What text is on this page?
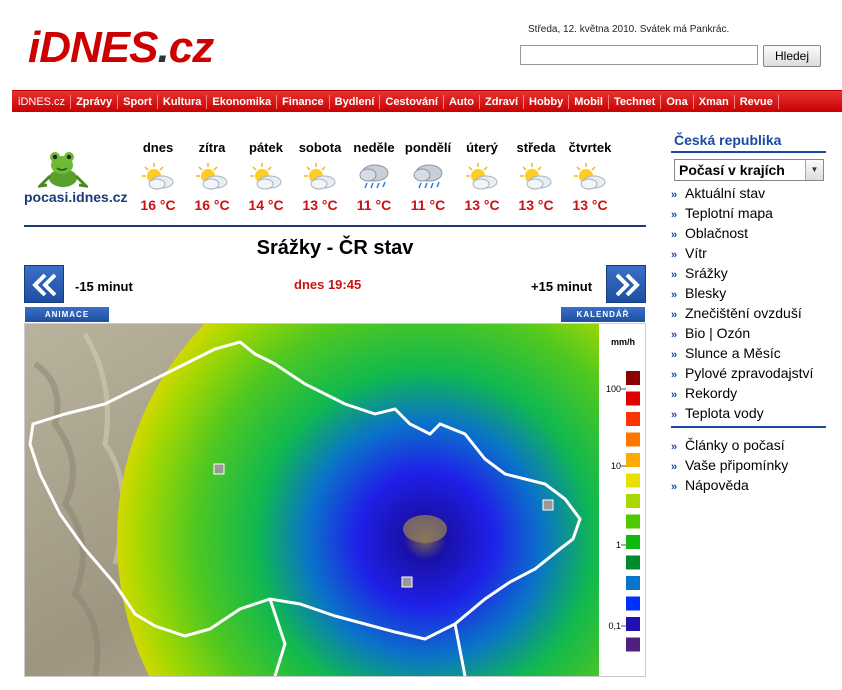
iDNES.cz	Středa, 12. května 2010. Svátek má Pankrác.
Hledej
iDNES.cz	Zprávy	Sport	Kultura	Ekonomika	Finance	Bydlení	Cestování	Auto	Zdraví	Hobby	Mobil	Technet	Ona	Xman	Revue
pocasi.idnes.cz
dnes
16 °C
zítra
16 °C
pátek
14 °C
sobota
13 °C
neděle
11 °C
pondělí
11 °C
úterý
13 °C
středa
13 °C
čtvrtek
13 °C
Srážky - ČR stav
-15 minut	dnes 19:45	+15 minut
ANIMACE	KALENDÁŘ
mm/h
100
10
1
0,1
Česká republika
Počasí v krajích	▼
» Aktuální stav
» Teplotní mapa
» Oblačnost
» Vítr
» Srážky
» Blesky
» Znečištění ovzduší
» Bio | Ozón
» Slunce a Měsíc
» Pylové zpravodajství
» Rekordy
» Teplota vody
» Články o počasí
» Vaše připomínky
» Nápověda
